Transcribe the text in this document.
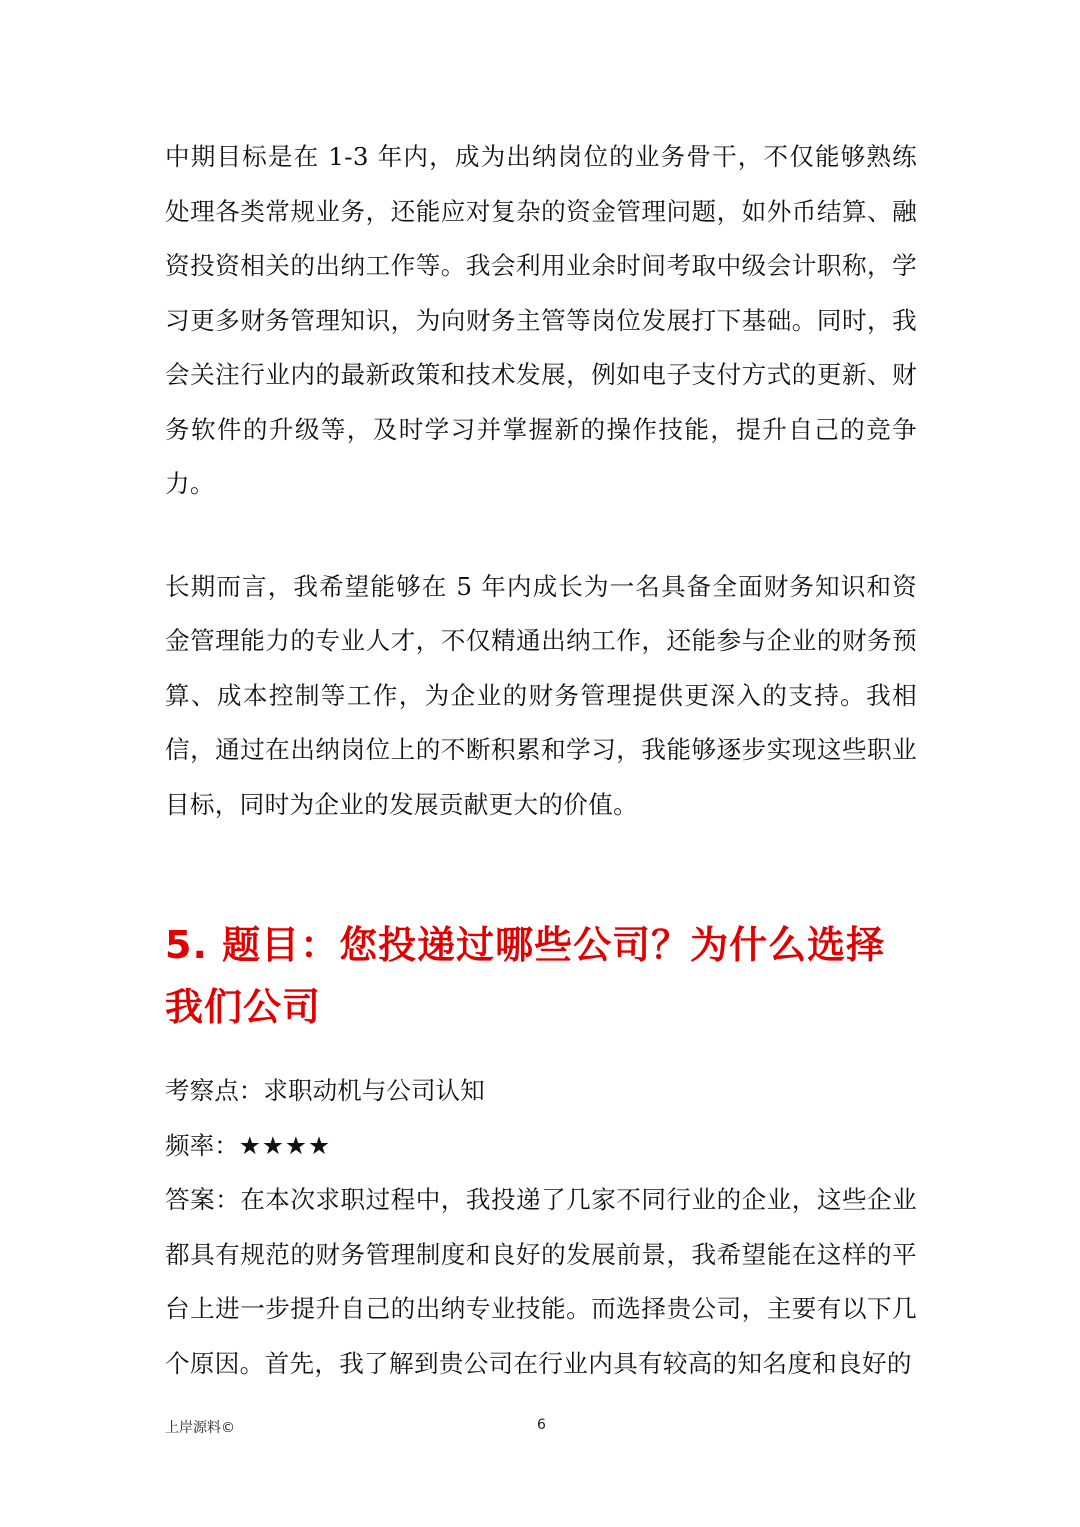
中期目标是在 1-3 年内，成为出纳岗位的业务骨干，不仅能够熟练处理各类常规业务，还能应对复杂的资金管理问题，如外币结算、融资投资相关的出纳工作等。我会利用业余时间考取中级会计职称，学习更多财务管理知识，为向财务主管等岗位发展打下基础。同时，我会关注行业内的最新政策和技术发展，例如电子支付方式的更新、财务软件的升级等，及时学习并掌握新的操作技能，提升自己的竞争力。

长期而言，我希望能够在 5 年内成长为一名具备全面财务知识和资金管理能力的专业人才，不仅精通出纳工作，还能参与企业的财务预算、成本控制等工作，为企业的财务管理提供更深入的支持。我相信，通过在出纳岗位上的不断积累和学习，我能够逐步实现这些职业目标，同时为企业的发展贡献更大的价值。

5. 题目：您投递过哪些公司？为什么选择我们公司
考察点：求职动机与公司认知
频率：★★★★

答案：在本次求职过程中，我投递了几家不同行业的企业，这些企业都具有规范的财务管理制度和良好的发展前景，我希望能在这样的平台上进一步提升自己的出纳专业技能。而选择贵公司，主要有以下几个原因。首先，我了解到贵公司在行业内具有较高的知名度和良好的

上岸源料©	6
